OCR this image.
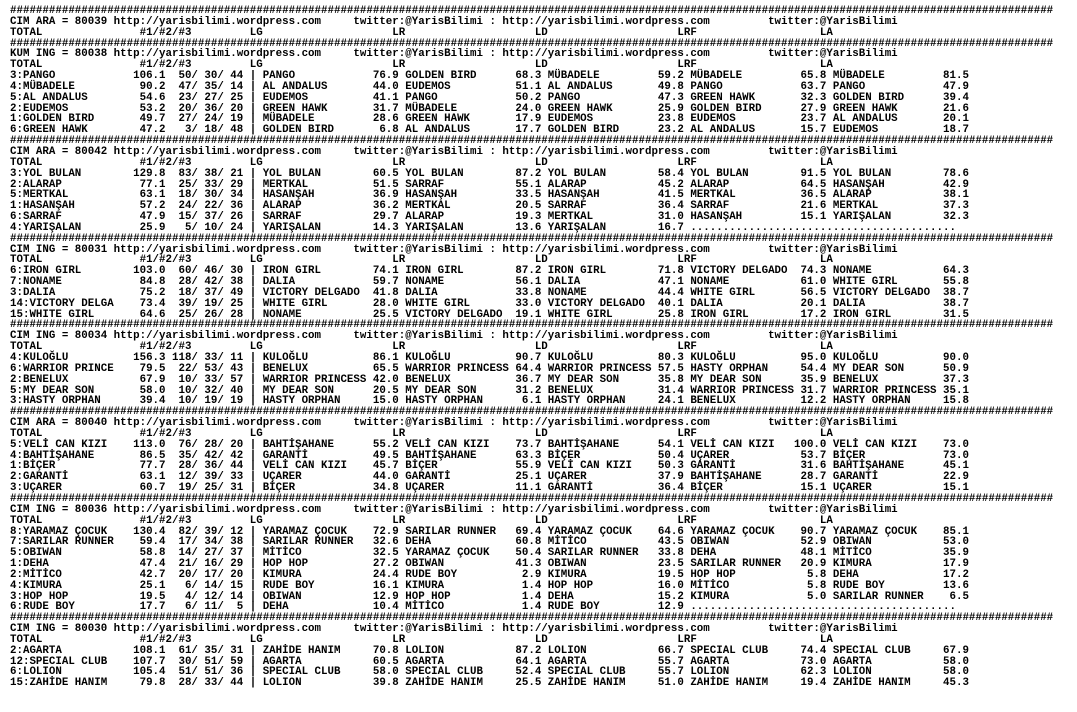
#################################################################################################################################################################
CIM ARA = 80039 http://yarisbilimi.wordpress.com     twitter:@YarisBilimi : http://yarisbilimi.wordpress.com         twitter:@YarisBilimi
TOTAL               #1/#2/#3         LG                    LR                    LD                    LRF                   LA
#################################################################################################################################################################
KUM ING = 80038 http://yarisbilimi.wordpress.com     twitter:@YarisBilimi : http://yarisbilimi.wordpress.com         twitter:@YarisBilimi
TOTAL               #1/#2/#3         LG                    LR                    LD                    LRF                   LA
3:PANGO            106.1  50/ 30/ 44 | PANGO            76.9 GOLDEN BIRD      68.3 MÜBADELE         59.2 MÜBADELE         65.8 MÜBADELE         81.5
4:MÜBADELE          90.2  47/ 35/ 14 | AL ANDALUS       44.0 EUDEMOS          51.1 AL ANDALUS       49.8 PANGO            63.7 PANGO            47.9
5:AL ANDALUS        54.6  23/ 27/ 25 | EUDEMOS          41.1 PANGO            50.2 PANGO            47.3 GREEN HAWK       32.3 GOLDEN BIRD      39.4
2:EUDEMOS           53.2  20/ 36/ 20 | GREEN HAWK       31.7 MÜBADELE         24.0 GREEN HAWK       25.9 GOLDEN BIRD      27.9 GREEN HAWK       21.6
1:GOLDEN BIRD       49.7  27/ 24/ 19 | MÜBADELE         28.6 GREEN HAWK       17.9 EUDEMOS          23.8 EUDEMOS          23.7 AL ANDALUS       20.1
6:GREEN HAWK        47.2   3/ 18/ 48 | GOLDEN BIRD       6.8 AL ANDALUS       17.7 GOLDEN BIRD      23.2 AL ANDALUS       15.7 EUDEMOS          18.7
#################################################################################################################################################################
CIM ARA = 80042 http://yarisbilimi.wordpress.com     twitter:@YarisBilimi : http://yarisbilimi.wordpress.com         twitter:@YarisBilimi
TOTAL               #1/#2/#3         LG                    LR                    LD                    LRF                   LA
3:YOL BULAN        129.8  83/ 38/ 21 | YOL BULAN        60.5 YOL BULAN        87.2 YOL BULAN        58.4 YOL BULAN        91.5 YOL BULAN        78.6
2:ALARAP            77.1  25/ 33/ 29 | MERTKAL          51.5 SARRAF           55.1 ALARAP           45.2 ALARAP           64.5 HASANŞAH         42.9
5:MERTKAL           63.1  18/ 30/ 34 | HASANŞAH         36.9 HASANŞAH         33.5 HASANŞAH         41.5 MERTKAL          36.5 ALARAP           38.1
1:HASANŞAH          57.2  24/ 22/ 36 | ALARAP           36.2 MERTKAL          20.5 SARRAF           36.4 SARRAF           21.6 MERTKAL          37.3
6:SARRAF            47.9  15/ 37/ 26 | SARRAF           29.7 ALARAP           19.3 MERTKAL          31.0 HASANŞAH         15.1 YARIŞALAN        32.3
4:YARIŞALAN         25.9   5/ 10/ 24 | YARIŞALAN        14.3 YARIŞALAN        13.6 YARIŞALAN        16.7 .........................................
#################################################################################################################################################################
CIM ING = 80031 http://yarisbilimi.wordpress.com     twitter:@YarisBilimi : http://yarisbilimi.wordpress.com         twitter:@YarisBilimi
TOTAL               #1/#2/#3         LG                    LR                    LD                    LRF                   LA
6:IRON GIRL        103.0  60/ 46/ 30 | IRON GIRL        74.1 IRON GIRL        87.2 IRON GIRL        71.8 VICTORY DELGADO  74.3 NONAME           64.3
7:NONAME            84.8  28/ 42/ 38 | DALIA            59.7 NONAME           56.1 DALIA            47.1 NONAME           61.0 WHITE GIRL       55.8
3:DALIA             75.2  18/ 37/ 49 | VICTORY DELGADO  41.8 DALIA            33.8 NONAME           44.4 WHITE GIRL       56.5 VICTORY DELGADO  38.7
14:VICTORY DELGA    73.4  39/ 19/ 25 | WHITE GIRL       28.0 WHITE GIRL       33.0 VICTORY DELGADO  40.1 DALIA            20.1 DALIA            38.7
15:WHITE GIRL       64.6  25/ 26/ 28 | NONAME           25.5 VICTORY DELGADO  19.1 WHITE GIRL       25.8 IRON GIRL        17.2 IRON GIRL        31.5
#################################################################################################################################################################
CIM ING = 80034 http://yarisbilimi.wordpress.com     twitter:@YarisBilimi : http://yarisbilimi.wordpress.com         twitter:@YarisBilimi
TOTAL               #1/#2/#3         LG                    LR                    LD                    LRF                   LA
4:KULOĞLU          156.3 118/ 33/ 11 | KULOĞLU          86.1 KULOĞLU          90.7 KULOĞLU          80.3 KULOĞLU          95.0 KULOĞLU          90.0
6:WARRIOR PRINCE    79.5  22/ 53/ 43 | BENELUX          65.5 WARRIOR PRINCESS 64.4 WARRIOR PRINCESS 57.5 HASTY ORPHAN     54.4 MY DEAR SON      50.9
2:BENELUX           67.9  10/ 33/ 57 | WARRIOR PRINCESS 42.0 BENELUX          36.7 MY DEAR SON      35.8 MY DEAR SON      35.9 BENELUX          37.3
5:MY DEAR SON       58.0  10/ 32/ 40 | MY DEAR SON      20.5 MY DEAR SON      31.2 BENELUX          31.4 WARRIOR PRINCESS 31.7 WARRIOR PRINCESS 35.1
3:HASTY ORPHAN      39.4  10/ 19/ 19 | HASTY ORPHAN     15.0 HASTY ORPHAN      6.1 HASTY ORPHAN     24.1 BENELUX          12.2 HASTY ORPHAN     15.8
#################################################################################################################################################################
CIM ARA = 80040 http://yarisbilimi.wordpress.com     twitter:@YarisBilimi : http://yarisbilimi.wordpress.com         twitter:@YarisBilimi
TOTAL               #1/#2/#3         LG                    LR                    LD                    LRF                   LA
5:VELİ CAN KIZI    113.0  76/ 28/ 20 | BAHTİŞAHANE      55.2 VELİ CAN KIZI    73.7 BAHTİŞAHANE      54.1 VELİ CAN KIZI   100.0 VELİ CAN KIZI    73.0
4:BAHTİŞAHANE       86.5  35/ 42/ 42 | GARANTİ          49.5 BAHTİŞAHANE      63.3 BİÇER            50.4 UÇARER           53.7 BİÇER            73.0
1:BİÇER             77.7  28/ 36/ 44 | VELİ CAN KIZI    45.7 BİÇER            55.9 VELİ CAN KIZI    50.3 GARANTİ          31.6 BAHTİŞAHANE      45.1
2:GARANTİ           63.1  12/ 39/ 33 | UÇARER           44.0 GARANTİ          25.1 UÇARER           37.9 BAHTİŞAHANE      28.7 GARANTİ          22.9
3:UÇARER            60.7  19/ 25/ 31 | BİÇER            34.8 UÇARER           11.1 GARANTİ          36.4 BİÇER            15.1 UÇARER           15.1
#################################################################################################################################################################
CIM ING = 80036 http://yarisbilimi.wordpress.com     twitter:@YarisBilimi : http://yarisbilimi.wordpress.com         twitter:@YarisBilimi
TOTAL               #1/#2/#3         LG                    LR                    LD                    LRF                   LA
8:YARAMAZ ÇOCUK    130.4  82/ 39/ 12 | YARAMAZ ÇOCUK    72.9 SARILAR RUNNER   69.4 YARAMAZ ÇOCUK    64.6 YARAMAZ ÇOCUK    90.7 YARAMAZ ÇOCUK    85.1
7:SARILAR RUNNER    59.4  17/ 34/ 38 | SARILAR RUNNER   32.6 DEHA             60.8 MİTİCO           43.5 OBIWAN           52.9 OBIWAN           53.0
5:OBIWAN            58.8  14/ 27/ 37 | MİTİCO           32.5 YARAMAZ ÇOCUK    50.4 SARILAR RUNNER   33.8 DEHA             48.1 MİTİCO           35.9
1:DEHA              47.4  21/ 16/ 29 | HOP HOP          27.2 OBIWAN           41.3 OBIWAN           23.5 SARILAR RUNNER   20.9 KIMURA           17.9
2:MİTİCO            42.7  20/ 17/ 20 | KIMURA           24.4 RUDE BOY          2.9 KIMURA           19.5 HOP HOP           5.8 DEHA             17.2
4:KIMURA            25.1   6/ 14/ 15 | RUDE BOY         16.1 KIMURA            1.4 HOP HOP          16.0 MİTİCO            5.8 RUDE BOY         13.6
3:HOP HOP           19.5   4/ 12/ 14 | OBIWAN           12.9 HOP HOP           1.4 DEHA             15.2 KIMURA            5.0 SARILAR RUNNER    6.5
6:RUDE BOY          17.7   6/ 11/  5 | DEHA             10.4 MİTİCO            1.4 RUDE BOY         12.9 .........................................
#################################################################################################################################################################
CIM ING = 80030 http://yarisbilimi.wordpress.com     twitter:@YarisBilimi : http://yarisbilimi.wordpress.com         twitter:@YarisBilimi
TOTAL               #1/#2/#3         LG                    LR                    LD                    LRF                   LA
2:AGARTA           108.1  61/ 35/ 31 | ZAHİDE HANIM     70.8 LOLION           87.2 LOLION           66.7 SPECIAL CLUB     74.4 SPECIAL CLUB     67.9
12:SPECIAL CLUB    107.7  30/ 51/ 59 | AGARTA           60.5 AGARTA           64.1 AGARTA           55.7 AGARTA           73.0 AGARTA           58.0
6:LOLION           105.4  51/ 51/ 36 | SPECIAL CLUB     58.0 SPECIAL CLUB     52.4 SPECIAL CLUB     55.7 LOLION           62.3 LOLION           58.0
15:ZAHİDE HANIM     79.8  28/ 33/ 44 | LOLION           39.8 ZAHİDE HANIM     25.5 ZAHİDE HANIM     51.0 ZAHİDE HANIM     19.4 ZAHİDE HANIM     45.3
